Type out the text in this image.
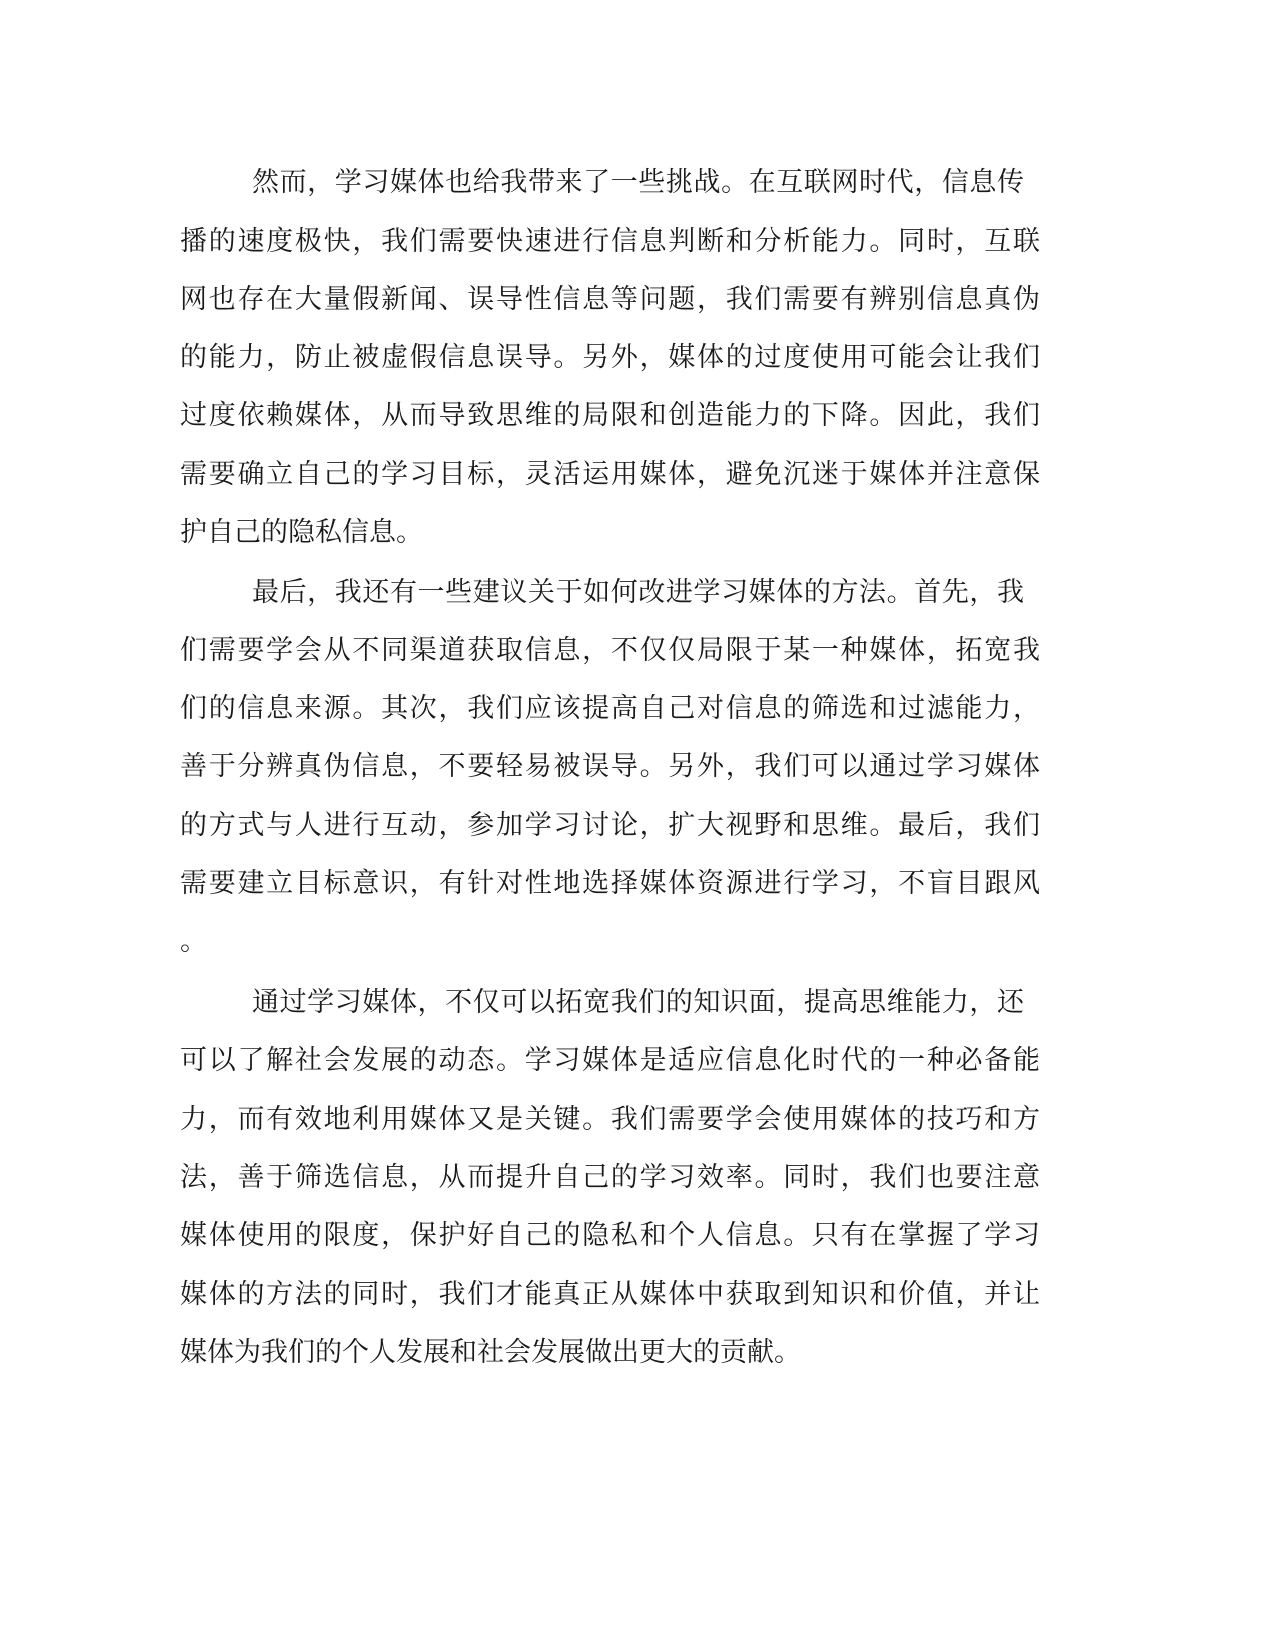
然而，学习媒体也给我带来了一些挑战。在互联网时代，信息传
播的速度极快，我们需要快速进行信息判断和分析能力。同时，互联
网也存在大量假新闻、误导性信息等问题，我们需要有辨别信息真伪
的能力，防止被虚假信息误导。另外，媒体的过度使用可能会让我们
过度依赖媒体，从而导致思维的局限和创造能力的下降。因此，我们
需要确立自己的学习目标，灵活运用媒体，避免沉迷于媒体并注意保
护自己的隐私信息。
最后，我还有一些建议关于如何改进学习媒体的方法。首先，我
们需要学会从不同渠道获取信息，不仅仅局限于某一种媒体，拓宽我
们的信息来源。其次，我们应该提高自己对信息的筛选和过滤能力，
善于分辨真伪信息，不要轻易被误导。另外，我们可以通过学习媒体
的方式与人进行互动，参加学习讨论，扩大视野和思维。最后，我们
需要建立目标意识，有针对性地选择媒体资源进行学习，不盲目跟风
。
通过学习媒体，不仅可以拓宽我们的知识面，提高思维能力，还
可以了解社会发展的动态。学习媒体是适应信息化时代的一种必备能
力，而有效地利用媒体又是关键。我们需要学会使用媒体的技巧和方
法，善于筛选信息，从而提升自己的学习效率。同时，我们也要注意
媒体使用的限度，保护好自己的隐私和个人信息。只有在掌握了学习
媒体的方法的同时，我们才能真正从媒体中获取到知识和价值，并让
媒体为我们的个人发展和社会发展做出更大的贡献。
